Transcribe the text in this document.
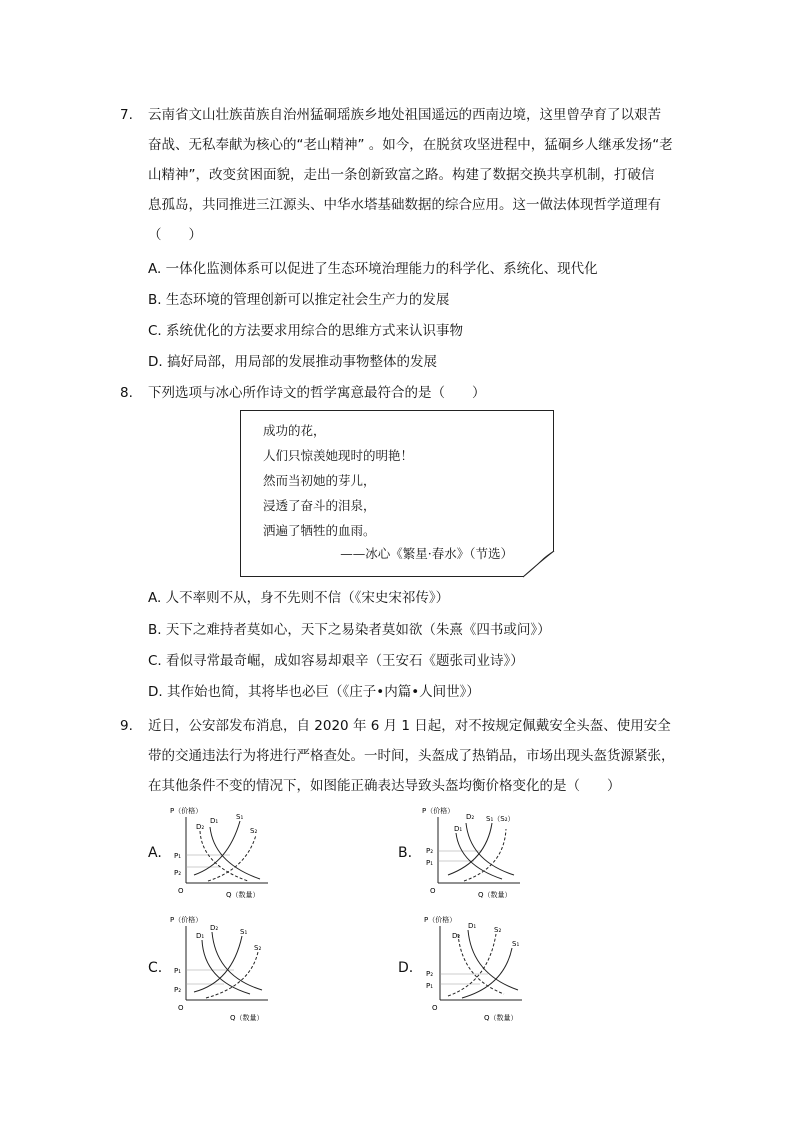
7. 云南省文山壮族苗族自治州猛硐瑶族乡地处祖国遥远的西南边境，这里曾孕育了以艰苦
奋战、无私奉献为核心的“老山精神” 。如今，在脱贫攻坚进程中，猛硐乡人继承发扬“老
山精神”，改变贫困面貌，走出一条创新致富之路。构建了数据交换共享机制，打破信
息孤岛，共同推进三江源头、中华水塔基础数据的综合应用。这一做法体现哲学道理有
（　　）
A. 一体化监测体系可以促进了生态环境治理能力的科学化、系统化、现代化
B. 生态环境的管理创新可以推定社会生产力的发展
C. 系统优化的方法要求用综合的思维方式来认识事物
D. 搞好局部，用局部的发展推动事物整体的发展
8. 下列选项与冰心所作诗文的哲学寓意最符合的是（　　）
成功的花，
人们只惊羡她现时的明艳！
然而当初她的芽儿，
浸透了奋斗的泪泉，
洒遍了牺牲的血雨。
——冰心《繁星·春水》（节选）
A. 人不率则不从，身不先则不信（《宋史宋祁传》）
B. 天下之难持者莫如心，天下之易染者莫如欲（朱熹《四书或问》）
C. 看似寻常最奇崛，成如容易却艰辛（王安石《题张司业诗》）
D. 其作始也简，其将毕也必巨（《庄子•内篇•人间世》）
9. 近日，公安部发布消息，自 2020 年 6 月 1 日起，对不按规定佩戴安全头盔、使用安全
带的交通违法行为将进行严格查处。一时间，头盔成了热销品，市场出现头盔货源紧张，
在其他条件不变的情况下，如图能正确表达导致头盔均衡价格变化的是（　　）
A.	B.
C.	D.
P（价格）
O	Q（数量）
P₁
P₂
D₁
D₂
S₁
S₂
P（价格）
O	Q（数量）
P₂
P₁
D₁
D₂ S₁（S₂）
P（价格）
O
Q（数量）
P₁
P₂
D₁
D₂	S₁
S₂
P（价格）
O
Q（数量）
P₂
P₁
D₂
D₁	S₂
S₁
